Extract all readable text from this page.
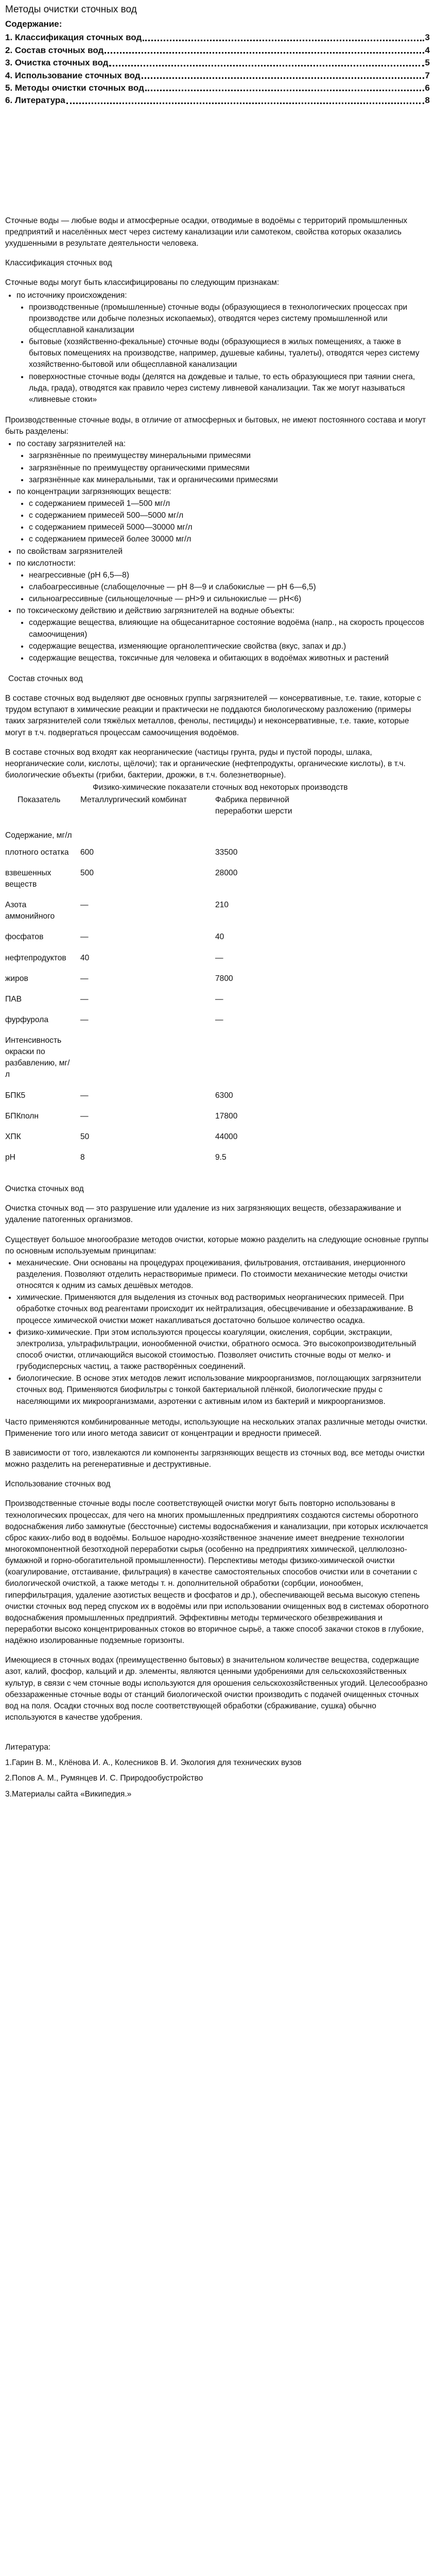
Методы очистки сточных вод
Содержание:
1. Классификация сточных вод	3
2. Состав сточных вод	4
3. Очистка сточных вод	5
4. Использование сточных вод	7
5. Методы очистки сточных вод	6
6. Литература	8

Сточные воды — любые воды и атмосферные осадки, отводимые в водоёмы с территорий промышленных предприятий и населённых мест через систему канализации или самотеком, свойства которых оказались ухудшенными в результате деятельности человека.

Классификация сточных вод

Сточные воды могут быть классифицированы по следующим признакам:

• по источнику происхождения:
• производственные (промышленные) сточные воды (образующиеся в технологических процессах при производстве или добыче полезных ископаемых), отводятся через систему промышленной или общесплавной канализации
• бытовые (хозяйственно-фекальные) сточные воды (образующиеся в жилых помещениях, а также в бытовых помещениях на производстве, например, душевые кабины, туалеты), отводятся через систему хозяйственно-бытовой или общесплавной канализации
• поверхностные сточные воды (делятся на дождевые и талые, то есть образующиеся при таянии снега, льда, града), отводятся как правило через систему ливневой канализации. Так же могут называться «ливневые стоки»

Производственные сточные воды, в отличие от атмосферных и бытовых, не имеют постоянного состава и могут быть разделены:

• по составу загрязнителей на:
• загрязнённые по преимуществу минеральными примесями
• загрязнённые по преимуществу органическими примесями
• загрязнённые как минеральными, так и органическими примесями
• по концентрации загрязняющих веществ:
• с содержанием примесей 1—500 мг/л
• с содержанием примесей 500—5000 мг/л
• с содержанием примесей 5000—30000 мг/л
• с содержанием примесей более 30000 мг/л
• по свойствам загрязнителей
• по кислотности:
• неагрессивные (pH 6,5—8)
• слабоагрессивные (слабощелочные — pH 8—9 и слабокислые — pH 6—6,5)
• сильноагрессивные (сильнощелочные — pH>9 и сильнокислые — pH<6)
• по токсическому действию и действию загрязнителей на водные объекты:
• содержащие вещества, влияющие на общесанитарное состояние водоёма (напр., на скорость процессов самоочищения)
• содержащие вещества, изменяющие органолептические свойства (вкус, запах и др.)
• содержащие вещества, токсичные для человека и обитающих в водоёмах животных и растений

Состав сточных вод

В составе сточных вод выделяют две основных группы загрязнителей — консервативные, т.е. такие, которые с трудом вступают в химические реакции и практически не поддаются биологическому разложению (примеры таких загрязнителей соли тяжёлых металлов, фенолы, пестициды) и неконсервативные, т.е. такие, которые могут в т.ч. подвергаться процессам самоочищения водоёмов.

В составе сточных вод входят как неорганические (частицы грунта, руды и пустой породы, шлака, неорганические соли, кислоты, щёлочи); так и органические (нефтепродукты, органические кислоты), в т.ч. биологические объекты (грибки, бактерии, дрожжи, в т.ч. болезнетворные).

Физико-химические показатели сточных вод некоторых производств
Показатель	Металлургический комбинат	Фабрика первичной переработки шерсти
Содержание, мг/л		
плотного остатка	600	33500
взвешенных веществ	500	28000
Азота аммонийного	—	210
фосфатов	—	40
нефтепродуктов	40	—
жиров	—	7800
ПАВ	—	—
фурфурола	—	—
Интенсивность окраски по разбавлению, мг/л		
БПК5	—	6300
БПКполн	—	17800
ХПК	50	44000
pH	8	9.5

Очистка сточных вод

Очистка сточных вод — это разрушение или удаление из них загрязняющих веществ, обеззараживание и удаление патогенных организмов.

Существует большое многообразие методов очистки, которые можно разделить на следующие основные группы по основным используемым принципам:

• механические. Они основаны на процедурах процеживания, фильтрования, отстаивания, инерционного разделения. Позволяют отделить нерастворимые примеси. По стоимости механические методы очистки относятся к одним из самых дешёвых методов.
• химические. Применяются для выделения из сточных вод растворимых неорганических примесей. При обработке сточных вод реагентами происходит их нейтрализация, обесцвечивание и обеззараживание. В процессе химической очистки может накапливаться достаточно большое количество осадка.
• физико-химические. При этом используются процессы коагуляции, окисления, сорбции, экстракции, электролиза, ультрафильтрации, ионообменной очистки, обратного осмоса. Это высокопроизводительный способ очистки, отличающийся высокой стоимостью. Позволяет очистить сточные воды от мелко- и грубодисперсных частиц, а также растворённых соединений.
• биологические. В основе этих методов лежит использование микроорганизмов, поглощающих загрязнители сточных вод. Применяются биофильтры с тонкой бактериальной плёнкой, биологические пруды с населяющими их микроорганизмами, аэротенки с активным илом из бактерий и микроорганизмов.

Часто применяются комбинированные методы, использующие на нескольких этапах различные методы очистки. Применение того или иного метода зависит от концентрации и вредности примесей.

В зависимости от того, извлекаются ли компоненты загрязняющих веществ из сточных вод, все методы очистки можно разделить на регенеративные и деструктивные.

Использование сточных вод

Производственные сточные воды после соответствующей очистки могут быть повторно использованы в технологических процессах, для чего на многих промышленных предприятиях создаются системы оборотного водоснабжения либо замкнутые (бессточные) системы водоснабжения и канализации, при которых исключается сброс каких-либо вод в водоёмы. Большое народно-хозяйственное значение имеет внедрение технологии многокомпонентной безотходной переработки сырья (особенно на предприятиях химической, целлюлозно-бумажной и горно-обогатительной промышленности). Перспективы методы физико-химической очистки (коагулирование, отстаивание, фильтрация) в качестве самостоятельных способов очистки или в сочетании с биологической очисткой, а также методы т. н. дополнительной обработки (сорбции, ионообмен, гиперфильтрация, удаление азотистых веществ и фосфатов и др.), обеспечивающей весьма высокую степень очистки сточных вод перед спуском их в водоёмы или при использовании очищенных вод в системах оборотного водоснабжения промышленных предприятий. Эффективны методы термического обезвреживания и переработки высоко концентрированных стоков во вторичное сырьё, а также способ закачки стоков в глубокие, надёжно изолированные подземные горизонты.

Имеющиеся в сточных водах (преимущественно бытовых) в значительном количестве вещества, содержащие азот, калий, фосфор, кальций и др. элементы, являются ценными удобрениями для сельскохозяйственных культур, в связи с чем сточные воды используются для орошения сельскохозяйственных угодий. Целесообразно обеззараженные сточные воды от станций биологической очистки производить с подачей очищенных сточных вод на поля. Осадки сточных вод после соответствующей обработки (сбраживание, сушка) обычно используются в качестве удобрения.

Литература:

1.Гарин В. М., Клёнова И. А., Колесников В. И. Экология для технических вузов

2.Попов А. М., Румянцев И. С. Природообустройство

3.Материалы сайта «Википедия.»
